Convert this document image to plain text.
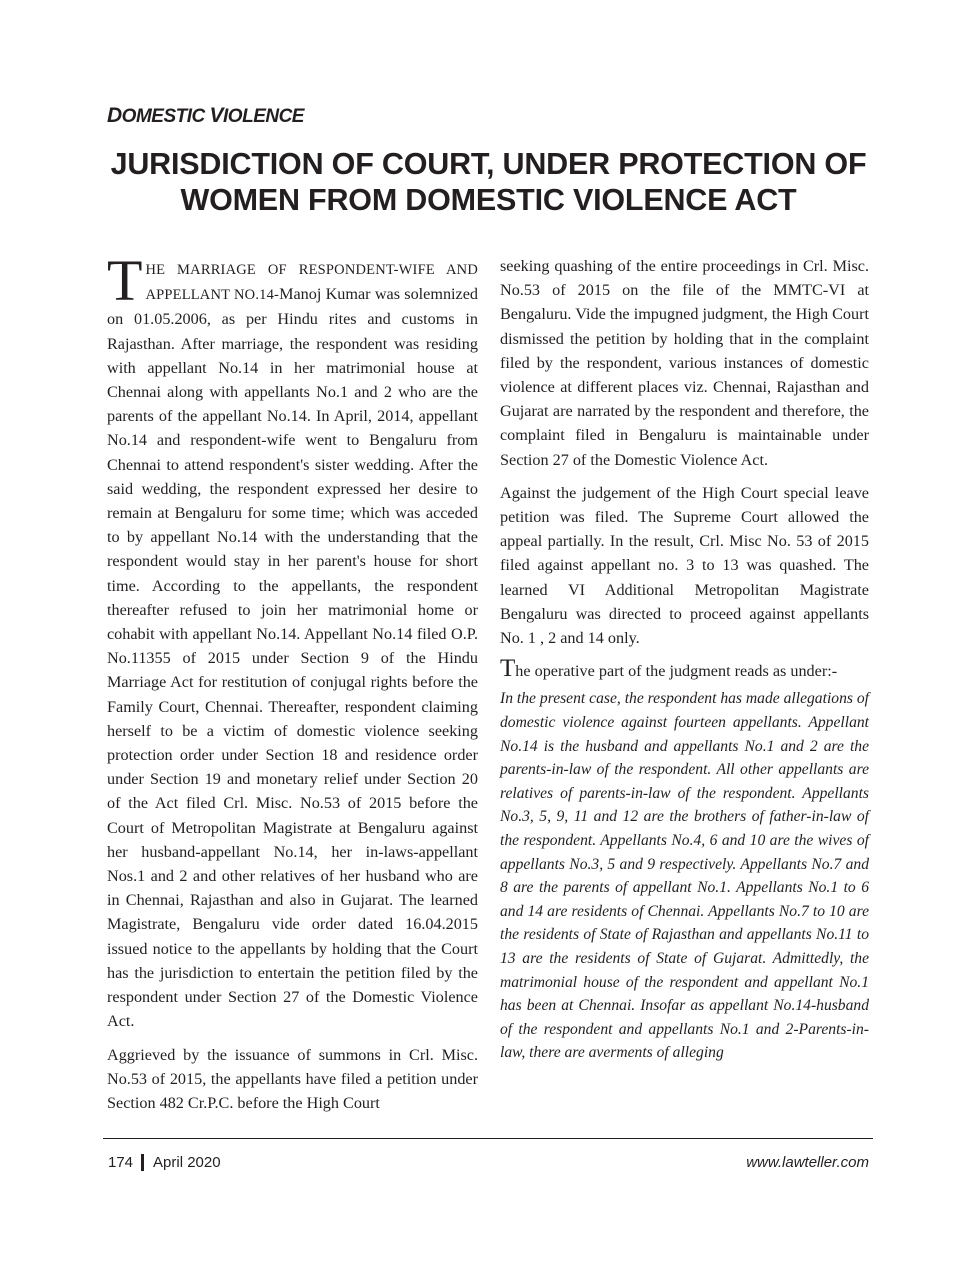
DOMESTIC VIOLENCE
JURISDICTION OF COURT, UNDER PROTECTION OF
WOMEN FROM DOMESTIC VIOLENCE ACT

THE MARRIAGE OF RESPONDENT-WIFE AND APPELLANT NO.14-Manoj Kumar was solemnized on 01.05.2006, as per Hindu rites and customs in Rajasthan. After marriage, the respondent was residing with appellant No.14 in her matrimonial house at Chennai along with appellants No.1 and 2 who are the parents of the appellant No.14. In April, 2014, appellant No.14 and respondent-wife went to Bengaluru from Chennai to attend respondent's sister wedding. After the said wedding, the respondent expressed her desire to remain at Bengaluru for some time; which was acceded to by appellant No.14 with the understanding that the respondent would stay in her parent's house for short time. According to the appellants, the respondent thereafter refused to join her matrimonial home or cohabit with appellant No.14. Appellant No.14 filed O.P. No.11355 of 2015 under Section 9 of the Hindu Marriage Act for restitution of conjugal rights before the Family Court, Chennai. Thereafter, respondent claiming herself to be a victim of domestic violence seeking protection order under Section 18 and residence order under Section 19 and monetary relief under Section 20 of the Act filed Crl. Misc. No.53 of 2015 before the Court of Metropolitan Magistrate at Bengaluru against her husband-appellant No.14, her in-laws-appellant Nos.1 and 2 and other relatives of her husband who are in Chennai, Rajasthan and also in Gujarat. The learned Magistrate, Bengaluru vide order dated 16.04.2015 issued notice to the appellants by holding that the Court has the jurisdiction to entertain the petition filed by the respondent under Section 27 of the Domestic Violence Act.

Aggrieved by the issuance of summons in Crl. Misc. No.53 of 2015, the appellants have filed a petition under Section 482 Cr.P.C. before the High Court

seeking quashing of the entire proceedings in Crl. Misc. No.53 of 2015 on the file of the MMTC-VI at Bengaluru. Vide the impugned judgment, the High Court dismissed the petition by holding that in the complaint filed by the respondent, various instances of domestic violence at different places viz. Chennai, Rajasthan and Gujarat are narrated by the respondent and therefore, the complaint filed in Bengaluru is maintainable under Section 27 of the Domestic Violence Act.

Against the judgement of the High Court special leave petition was filed. The Supreme Court allowed the appeal partially. In the result, Crl. Misc No. 53 of 2015 filed against appellant no. 3 to 13 was quashed. The learned VI Additional Metropolitan Magistrate Bengaluru was directed to proceed against appellants No. 1 , 2 and 14 only.

The operative part of the judgment reads as under:-

In the present case, the respondent has made allegations of domestic violence against fourteen appellants. Appellant No.14 is the husband and appellants No.1 and 2 are the parents-in-law of the respondent. All other appellants are relatives of parents-in-law of the respondent. Appellants No.3, 5, 9, 11 and 12 are the brothers of father-in-law of the respondent. Appellants No.4, 6 and 10 are the wives of appellants No.3, 5 and 9 respectively. Appellants No.7 and 8 are the parents of appellant No.1. Appellants No.1 to 6 and 14 are residents of Chennai. Appellants No.7 to 10 are the residents of State of Rajasthan and appellants No.11 to 13 are the residents of State of Gujarat. Admittedly, the matrimonial house of the respondent and appellant No.1 has been at Chennai. Insofar as appellant No.14-husband of the respondent and appellants No.1 and 2-Parents-in-law, there are averments of alleging

174 April 2020	www.lawteller.com
